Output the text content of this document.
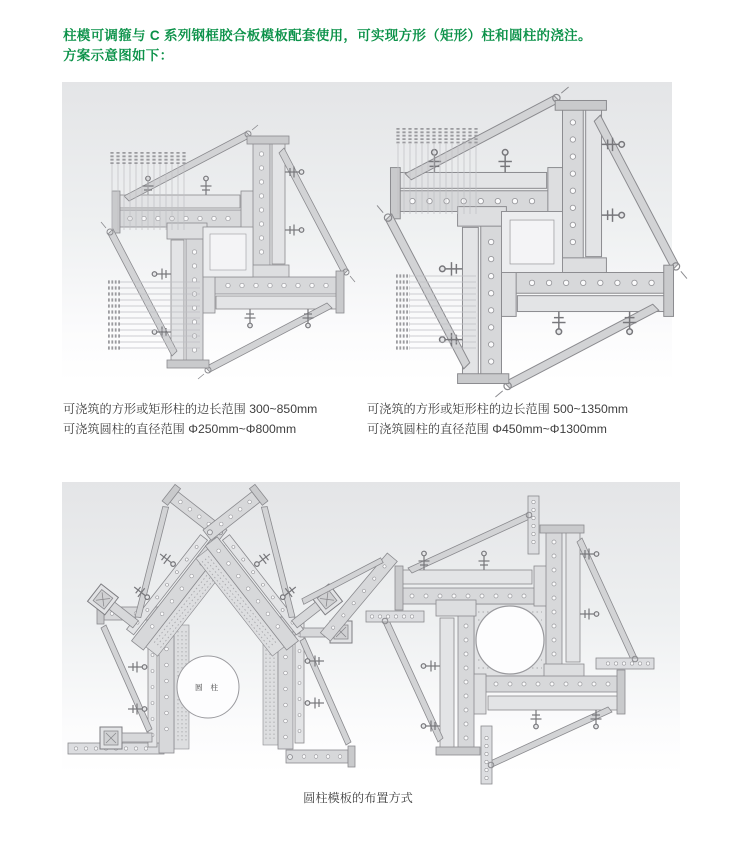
柱模可调箍与 C 系列钢框胶合板模板配套使用，可实现方形（矩形）柱和圆柱的浇注。
方案示意图如下：
可浇筑的方形或矩形柱的边长范围 300~850mm
可浇筑圆柱的直径范围 Φ250mm~Φ800mm
可浇筑的方形或矩形柱的边长范围 500~1350mm
可浇筑圆柱的直径范围 Φ450mm~Φ1300mm
圆 柱
圆柱模板的布置方式
